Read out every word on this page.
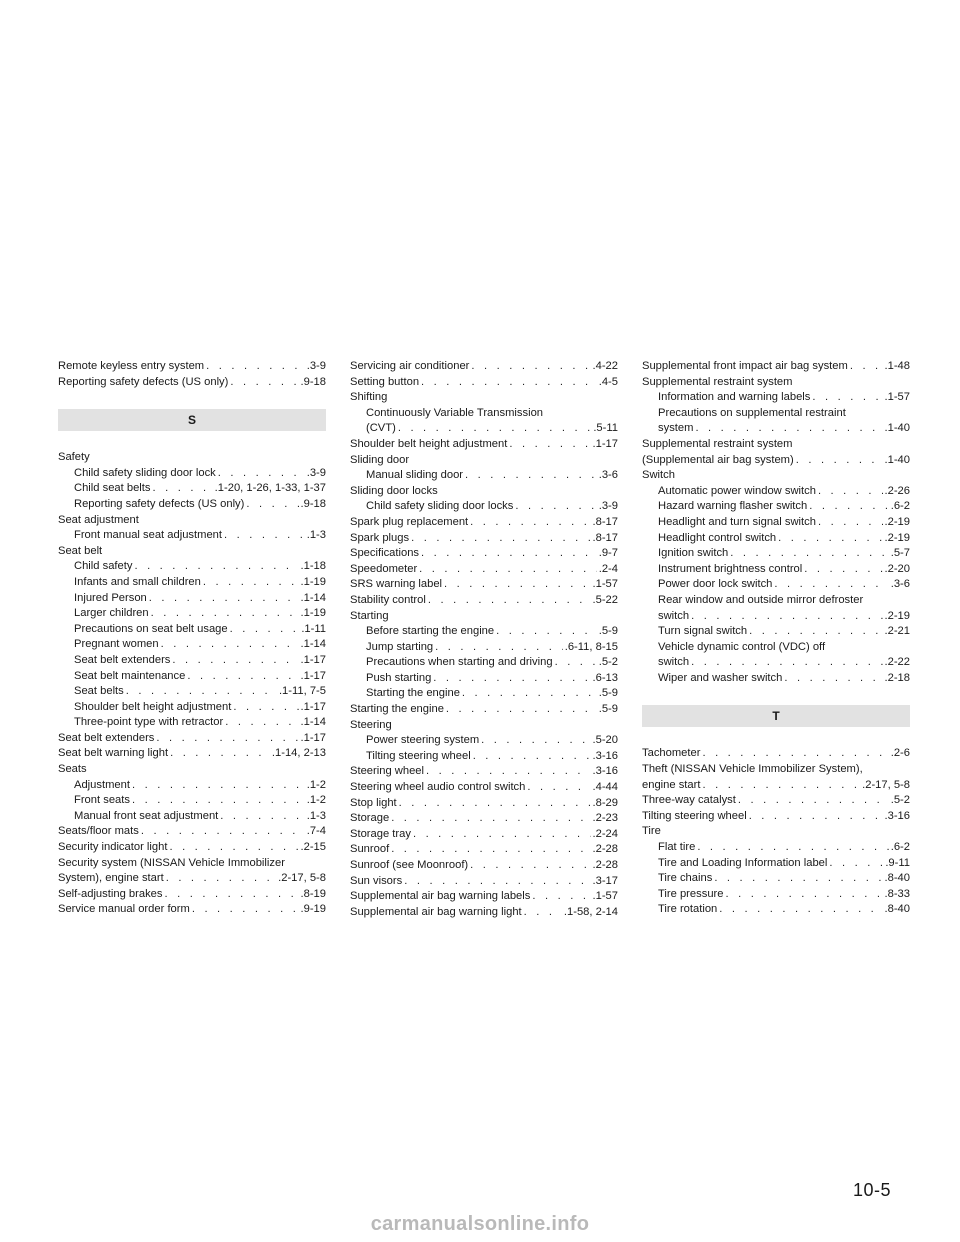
Remote keyless entry system . . .	.3-9
Reporting safety defects (US only) . . .	.9-18
S
Safety
Child safety sliding door lock . . .	.3-9
Child seat belts . . .	.1-20, 1-26, 1-33, 1-37
Reporting safety defects (US only) . . .	.9-18
Seat adjustment
Front manual seat adjustment . . .	.1-3
Seat belt
Child safety . . .	.1-18
Infants and small children . . .	.1-19
Injured Person . . .	.1-14
Larger children . . .	.1-19
Precautions on seat belt usage . . .	.1-11
Pregnant women . . .	.1-14
Seat belt extenders . . .	.1-17
Seat belt maintenance . . .	.1-17
Seat belts . . .	.1-11, 7-5
Shoulder belt height adjustment . . .	.1-17
Three-point type with retractor . . .	.1-14
Seat belt extenders . . .	.1-17
Seat belt warning light . . .	.1-14, 2-13
Seats
Adjustment . . .	.1-2
Front seats . . .	.1-2
Manual front seat adjustment . . .	.1-3
Seats/floor mats . . .	.7-4
Security indicator light . . .	.2-15
Security system (NISSAN Vehicle Immobilizer
System), engine start . . .	.2-17, 5-8
Self-adjusting brakes . . .	.8-19
Service manual order form . . .	.9-19
Servicing air conditioner . . .	.4-22
Setting button . . .	.4-5
Shifting
Continuously Variable Transmission
(CVT) . . .	.5-11
Shoulder belt height adjustment . . .	.1-17
Sliding door
Manual sliding door . . .	.3-6
Sliding door locks
Child safety sliding door locks . . .	.3-9
Spark plug replacement . . .	.8-17
Spark plugs . . .	.8-17
Specifications . . .	.9-7
Speedometer . . .	.2-4
SRS warning label . . .	.1-57
Stability control . . .	.5-22
Starting
Before starting the engine . . .	.5-9
Jump starting . . .	.6-11, 8-15
Precautions when starting and driving . . .	.5-2
Push starting . . .	.6-13
Starting the engine . . .	.5-9
Starting the engine . . .	.5-9
Steering
Power steering system . . .	.5-20
Tilting steering wheel . . .	.3-16
Steering wheel . . .	.3-16
Steering wheel audio control switch . . .	.4-44
Stop light . . .	.8-29
Storage . . .	.2-23
Storage tray . . .	.2-24
Sunroof . . .	.2-28
Sunroof (see Moonroof) . . .	.2-28
Sun visors . . .	.3-17
Supplemental air bag warning labels . . .	.1-57
Supplemental air bag warning light . . .	.1-58, 2-14
Supplemental front impact air bag system . . .	.1-48
Supplemental restraint system
Information and warning labels . . .	.1-57
Precautions on supplemental restraint
system . . .	.1-40
Supplemental restraint system
(Supplemental air bag system) . . .	.1-40
Switch
Automatic power window switch . . .	.2-26
Hazard warning flasher switch . . .	.6-2
Headlight and turn signal switch . . .	.2-19
Headlight control switch . . .	.2-19
Ignition switch . . .	.5-7
Instrument brightness control . . .	.2-20
Power door lock switch . . .	.3-6
Rear window and outside mirror defroster
switch . . .	.2-19
Turn signal switch . . .	.2-21
Vehicle dynamic control (VDC) off
switch . . .	.2-22
Wiper and washer switch . . .	.2-18
T
Tachometer . . .	.2-6
Theft (NISSAN Vehicle Immobilizer System),
engine start . . .	.2-17, 5-8
Three-way catalyst . . .	.5-2
Tilting steering wheel . . .	.3-16
Tire
Flat tire . . .	.6-2
Tire and Loading Information label . . .	.9-11
Tire chains . . .	.8-40
Tire pressure . . .	.8-33
Tire rotation . . .	.8-40
10-5
carmanualsonline.info
